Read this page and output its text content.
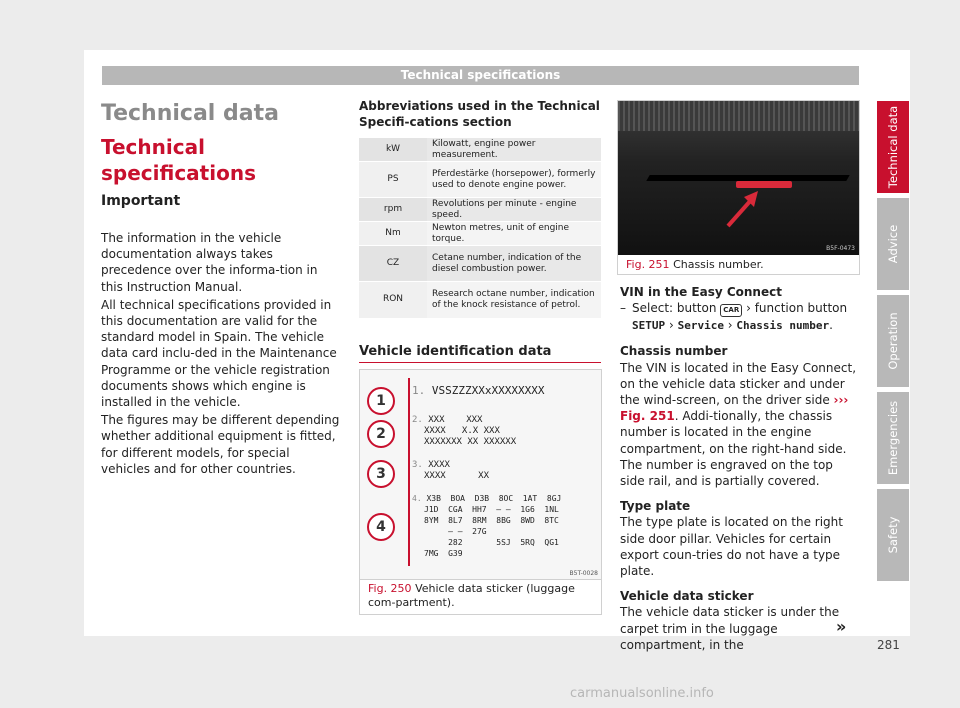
Technical specifications
Technical data
Technical specifications
Important

The information in the vehicle documentation always takes precedence over the informa-tion in this Instruction Manual.

All technical specifications provided in this documentation are valid for the standard model in Spain. The vehicle data card inclu-ded in the Maintenance Programme or the vehicle registration documents shows which engine is installed in the vehicle.

The figures may be different depending whether additional equipment is fitted, for different models, for special vehicles and for other countries.

Abbreviations used in the Technical Specifi-cations section

kW	Kilowatt, engine power measurement.
PS	Pferdestärke (horsepower), formerly used to denote engine power.
rpm	Revolutions per minute - engine speed.
Nm	Newton metres, unit of engine torque.
CZ	Cetane number, indication of the diesel combustion power.
RON	Research octane number, indication of the knock resistance of petrol.
Vehicle identification data
1
2
3
4
1. VSSZZZXXxXXXXXXXX
2. XXX    XXX
XXXX   X.X XXX
XXXXXXX XX XXXXXX
3. XXXX
XXXX      XX
4. X3B  BOA  D3B  8OC  1AT  8GJ
J1D  CGA  HH7  – –  1G6  1NL
8YM  8L7  8RM  8BG  8WD  8TC
– –  27G
282       5SJ  5RQ  QG1
7MG  G39
B5T-0028
Fig. 250 Vehicle data sticker (luggage com-partment).
B5F-0473
Fig. 251 Chassis number.

VIN in the Easy Connect

– Select: button CAR › function button SETUP › Service › Chassis number.

Chassis number

The VIN is located in the Easy Connect, on the vehicle data sticker and under the wind-screen, on the driver side ››› Fig. 251. Addi-tionally, the chassis number is located in the engine compartment, on the right-hand side. The number is engraved on the top side rail, and is partially covered.

Type plate

The type plate is located on the right side door pillar. Vehicles for certain export coun-tries do not have a type plate.

Vehicle data sticker

The vehicle data sticker is under the carpet trim in the luggage compartment, in the

»
281
Technical data
Advice
Operation
Emergencies
Safety
carmanualsonline.info
